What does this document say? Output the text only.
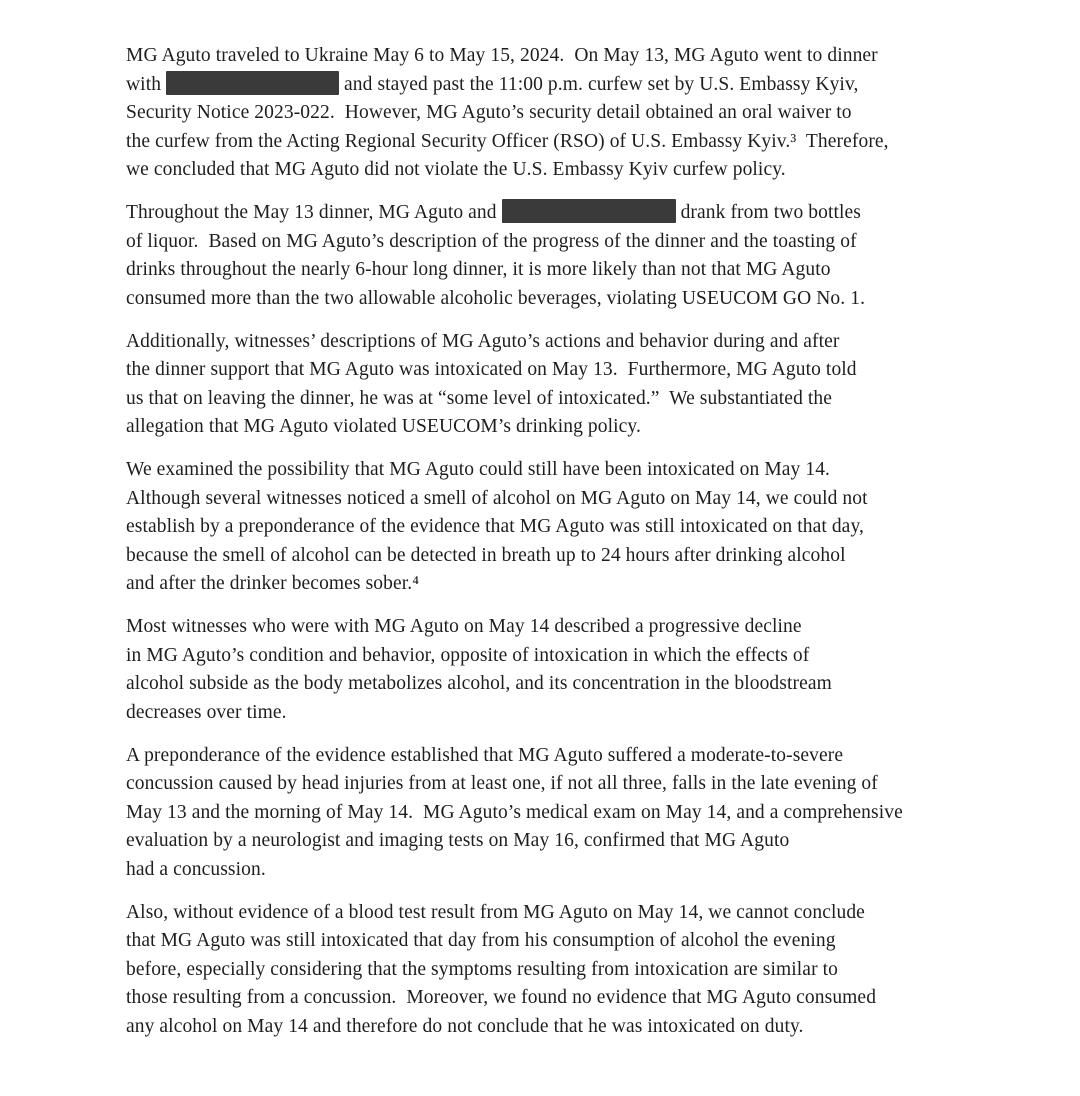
MG Aguto traveled to Ukraine May 6 to May 15, 2024.  On May 13, MG Aguto went to dinner
with	and stayed past the 11:00 p.m. curfew set by U.S. Embassy Kyiv,
Security Notice 2023-022.  However, MG Aguto’s security detail obtained an oral waiver to
the curfew from the Acting Regional Security Officer (RSO) of U.S. Embassy Kyiv.³  Therefore,
we concluded that MG Aguto did not violate the U.S. Embassy Kyiv curfew policy.
Throughout the May 13 dinner, MG Aguto and	drank from two bottles
of liquor.  Based on MG Aguto’s description of the progress of the dinner and the toasting of
drinks throughout the nearly 6-hour long dinner, it is more likely than not that MG Aguto
consumed more than the two allowable alcoholic beverages, violating USEUCOM GO No. 1.
Additionally, witnesses’ descriptions of MG Aguto’s actions and behavior during and after
the dinner support that MG Aguto was intoxicated on May 13.  Furthermore, MG Aguto told
us that on leaving the dinner, he was at “some level of intoxicated.”  We substantiated the
allegation that MG Aguto violated USEUCOM’s drinking policy.
We examined the possibility that MG Aguto could still have been intoxicated on May 14.
Although several witnesses noticed a smell of alcohol on MG Aguto on May 14, we could not
establish by a preponderance of the evidence that MG Aguto was still intoxicated on that day,
because the smell of alcohol can be detected in breath up to 24 hours after drinking alcohol
and after the drinker becomes sober.⁴
Most witnesses who were with MG Aguto on May 14 described a progressive decline
in MG Aguto’s condition and behavior, opposite of intoxication in which the effects of
alcohol subside as the body metabolizes alcohol, and its concentration in the bloodstream
decreases over time.
A preponderance of the evidence established that MG Aguto suffered a moderate-to-severe
concussion caused by head injuries from at least one, if not all three, falls in the late evening of
May 13 and the morning of May 14.  MG Aguto’s medical exam on May 14, and a comprehensive
evaluation by a neurologist and imaging tests on May 16, confirmed that MG Aguto
had a concussion.
Also, without evidence of a blood test result from MG Aguto on May 14, we cannot conclude
that MG Aguto was still intoxicated that day from his consumption of alcohol the evening
before, especially considering that the symptoms resulting from intoxication are similar to
those resulting from a concussion.  Moreover, we found no evidence that MG Aguto consumed
any alcohol on May 14 and therefore do not conclude that he was intoxicated on duty.
